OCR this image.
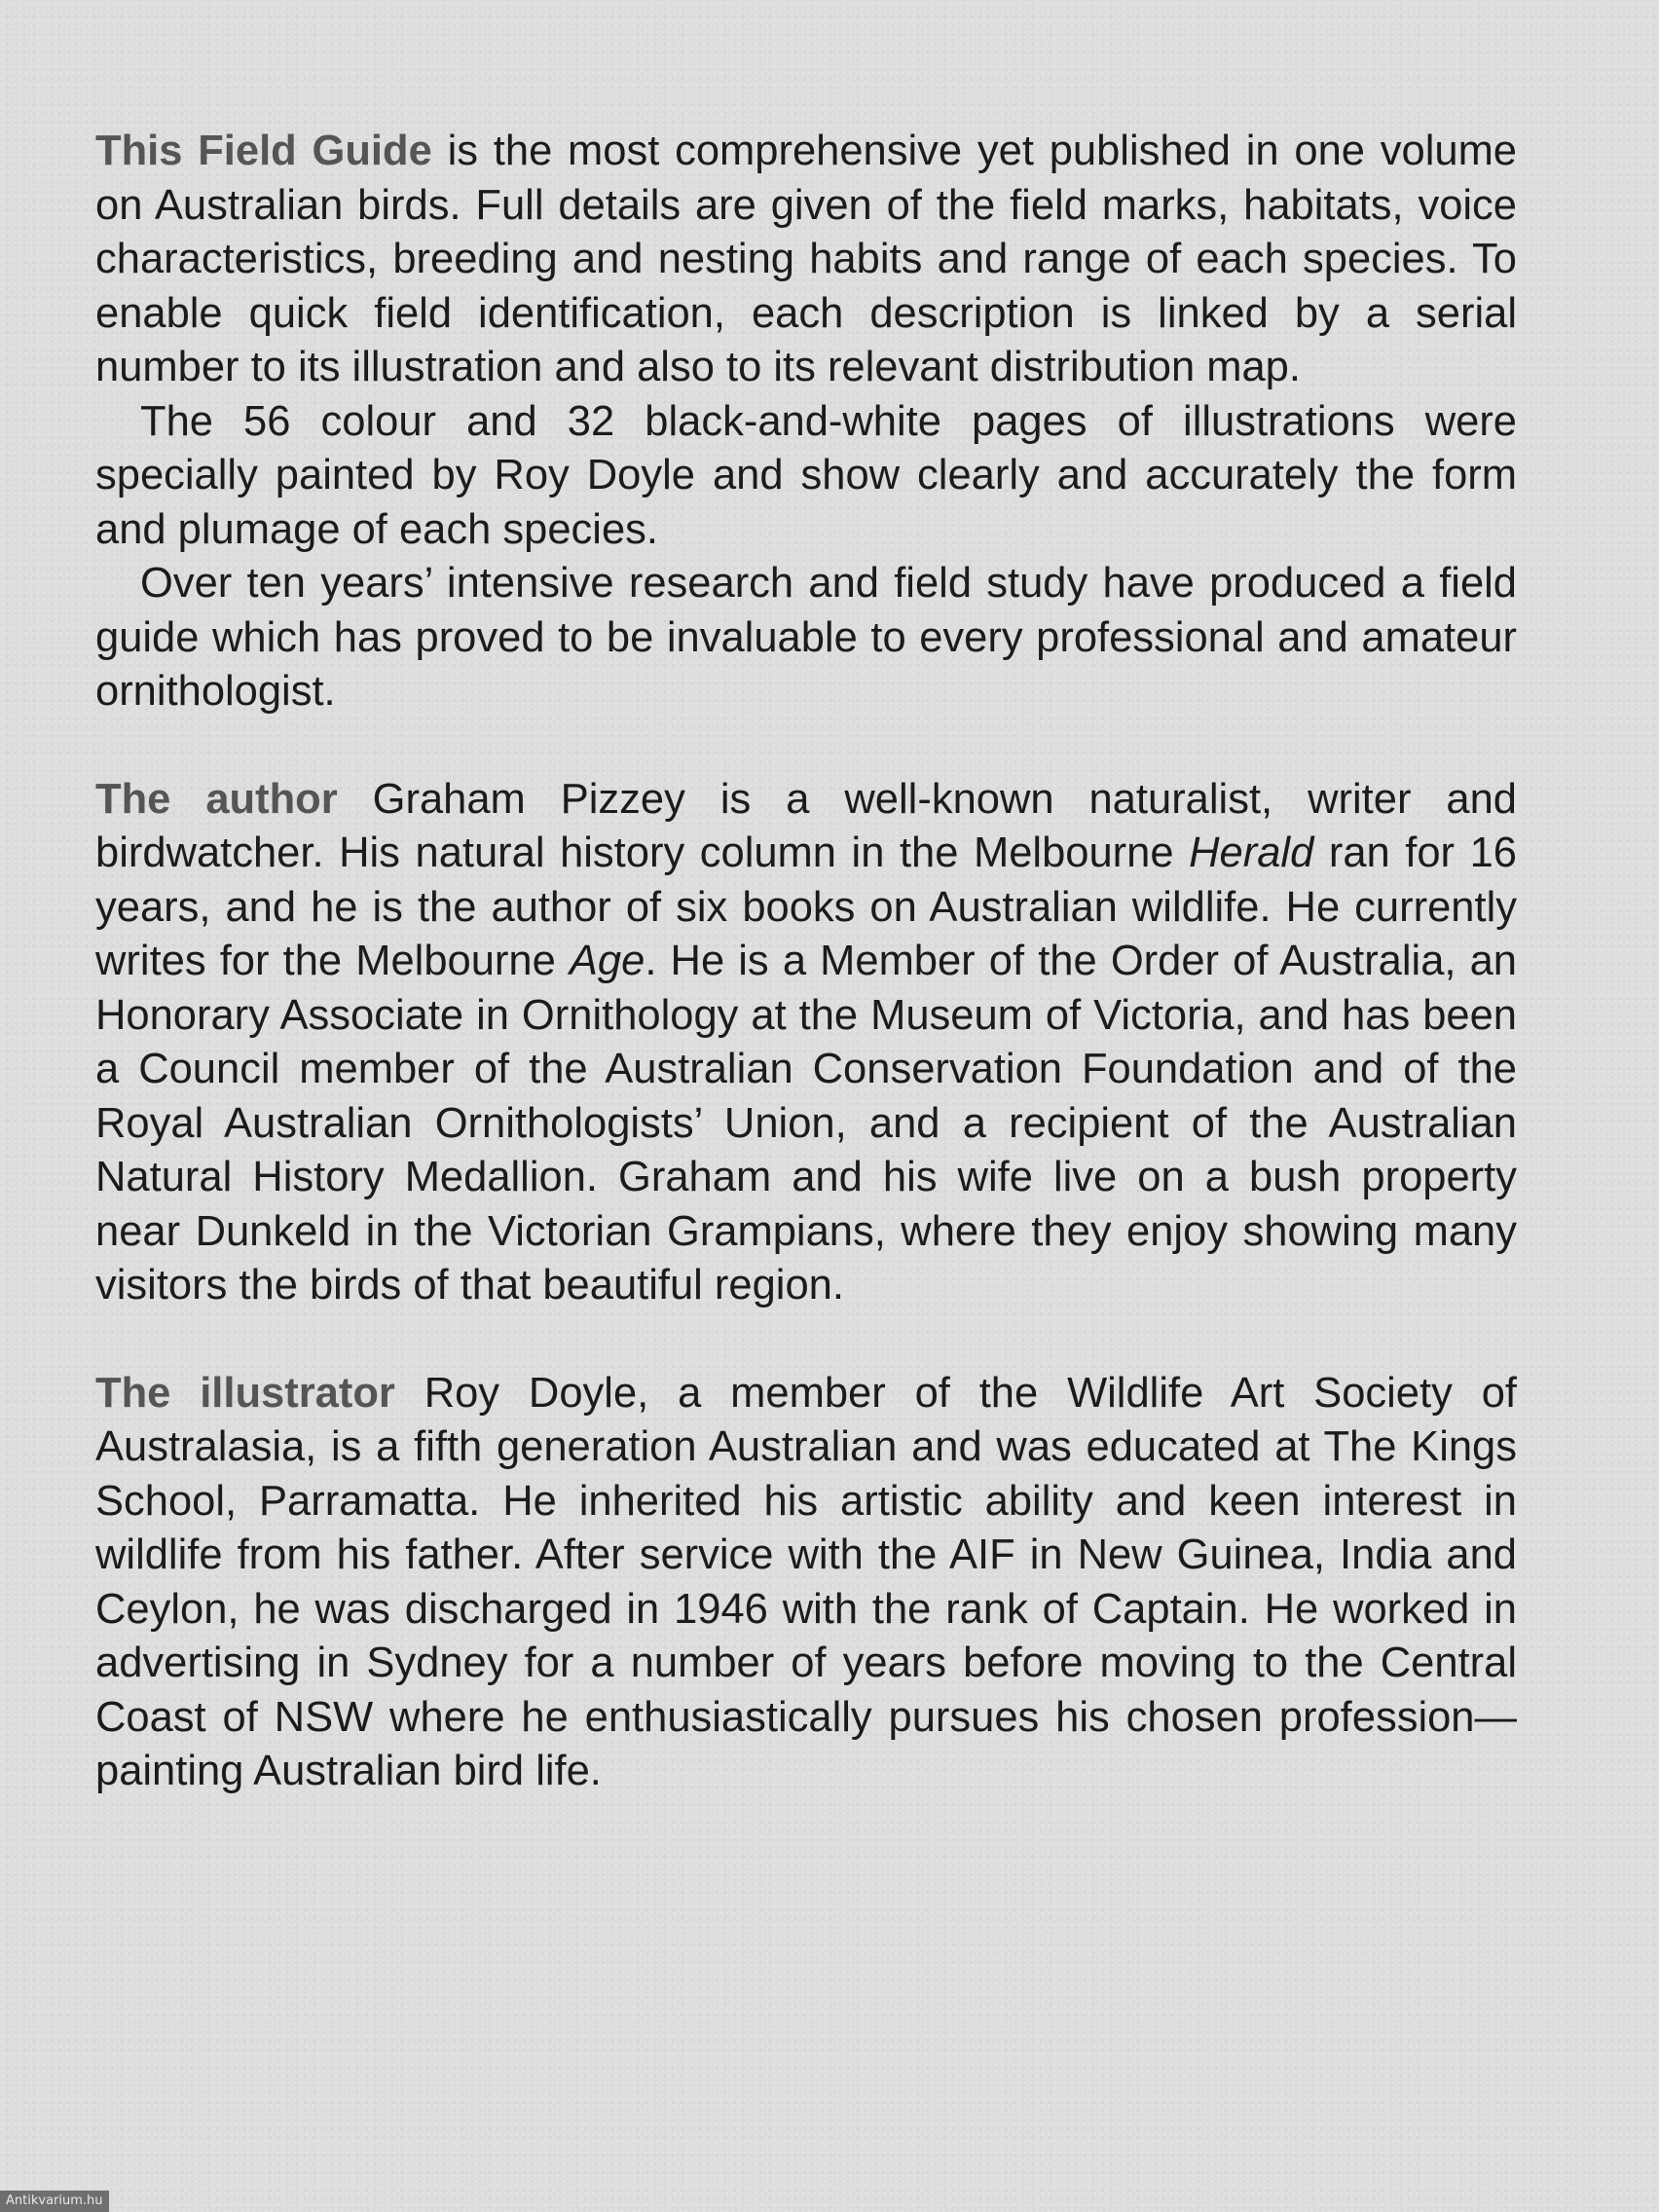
This Field Guide is the most comprehensive yet published in one volume on Australian birds. Full details are given of the field marks, habitats, voice characteristics, breeding and nesting habits and range of each species. To enable quick field identification, each description is linked by a serial number to its illustration and also to its relevant distribution map.

The 56 colour and 32 black-and-white pages of illustrations were specially painted by Roy Doyle and show clearly and accurately the form and plumage of each species.

Over ten years’ intensive research and field study have produced a field guide which has proved to be invaluable to every professional and amateur ornithologist.

The author Graham Pizzey is a well-known naturalist, writer and birdwatcher. His natural history column in the Melbourne Herald ran for 16 years, and he is the author of six books on Australian wildlife. He currently writes for the Melbourne Age. He is a Member of the Order of Australia, an Honorary Associate in Ornithology at the Museum of Victoria, and has been a Council member of the Australian Conservation Foundation and of the Royal Australian Ornithologists’ Union, and a recipient of the Australian Natural History Medallion. Graham and his wife live on a bush property near Dunkeld in the Victorian Grampians, where they enjoy showing many visitors the birds of that beautiful region.

The illustrator Roy Doyle, a member of the Wildlife Art Society of Australasia, is a fifth generation Australian and was educated at The Kings School, Parramatta. He inherited his artistic ability and keen interest in wildlife from his father. After service with the AIF in New Guinea, India and Ceylon, he was discharged in 1946 with the rank of Captain. He worked in advertising in Sydney for a number of years before moving to the Central Coast of NSW where he enthusiastically pursues his chosen profession—painting Australian bird life.

Antikvarium.hu
